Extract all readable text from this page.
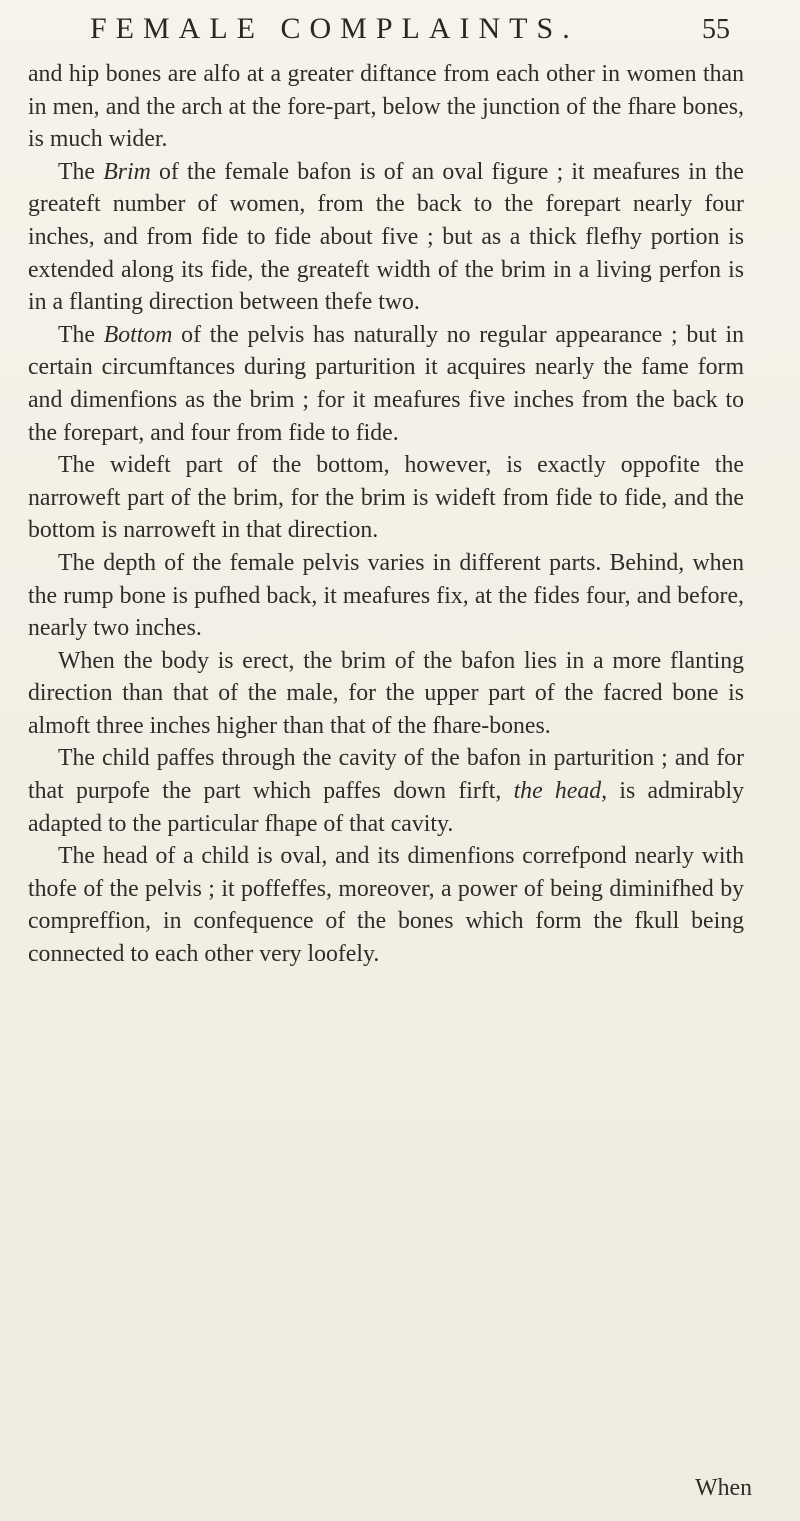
FEMALE COMPLAINTS.	55

and hip bones are alfo at a greater diftance from each other in women than in men, and the arch at the fore-part, below the junction of the fhare bones, is much wider.

The Brim of the female bafon is of an oval figure ; it meafures in the greateft number of women, from the back to the forepart nearly four inches, and from fide to fide about five ; but as a thick flefhy portion is extended along its fide, the greateft width of the brim in a living perfon is in a flanting direction between thefe two.

The Bottom of the pelvis has naturally no regular appearance ; but in certain circumftances during parturition it acquires nearly the fame form and dimenfions as the brim ; for it meafures five inches from the back to the forepart, and four from fide to fide.

The wideft part of the bottom, however, is exactly oppofite the narroweft part of the brim, for the brim is wideft from fide to fide, and the bottom is narroweft in that direction.

The depth of the female pelvis varies in different parts. Behind, when the rump bone is pufhed back, it meafures fix, at the fides four, and before, nearly two inches.

When the body is erect, the brim of the bafon lies in a more flanting direction than that of the male, for the upper part of the facred bone is almoft three inches higher than that of the fhare-bones.

The child paffes through the cavity of the bafon in parturition ; and for that purpofe the part which paffes down firft, the head, is admirably adapted to the particular fhape of that cavity.

The head of a child is oval, and its dimenfions correfpond nearly with thofe of the pelvis ; it poffeffes, moreover, a power of being diminifhed by compreffion, in confequence of the bones which form the fkull being connected to each other very loofely.

When
